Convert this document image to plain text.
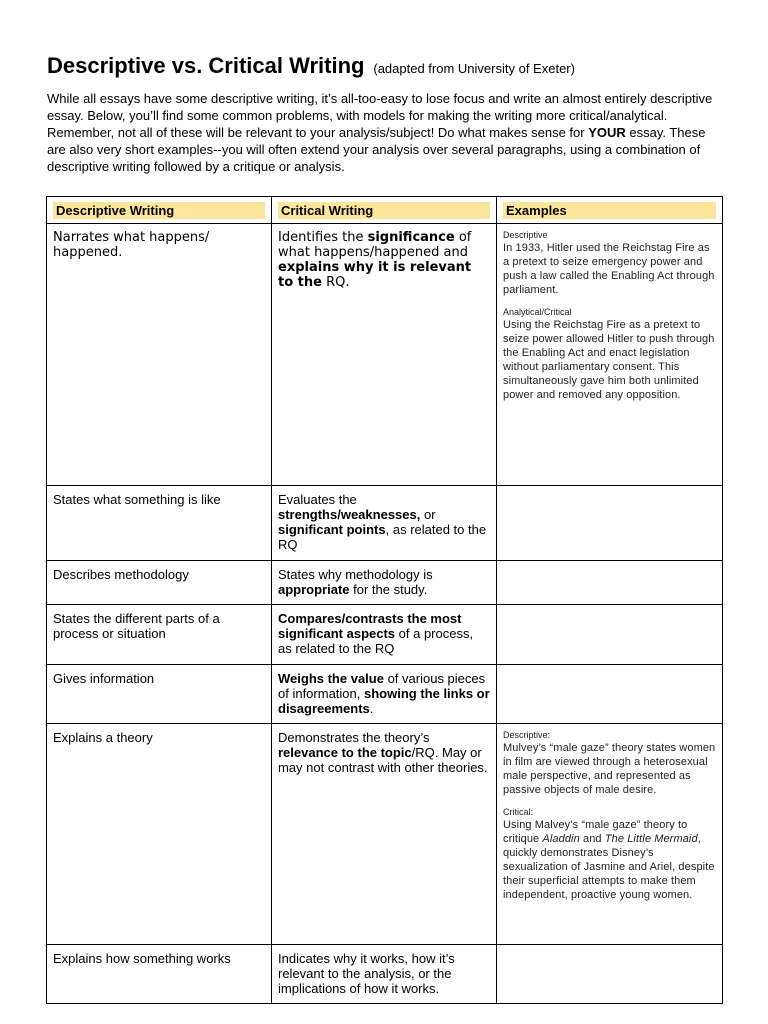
Descriptive vs. Critical Writing (adapted from University of Exeter)

While all essays have some descriptive writing, it’s all-too-easy to lose focus and write an almost entirely descriptive essay. Below, you’ll find some common problems, with models for making the writing more critical/analytical. Remember, not all of these will be relevant to your analysis/subject! Do what makes sense for YOUR essay. These are also very short examples--you will often extend your analysis over several paragraphs, using a combination of descriptive writing followed by a critique or analysis.

Descriptive Writing	Critical Writing	Examples

Narrates what happens/ happened.	Identifies the significance of what happens/happened and explains why it is relevant to the RQ.	Descriptive
In 1933, Hitler used the Reichstag Fire as a pretext to seize emergency power and push a law called the Enabling Act through parliament.
Analytical/Critical
Using the Reichstag Fire as a pretext to seize power allowed Hitler to push through the Enabling Act and enact legislation without parliamentary consent. This simultaneously gave him both unlimited power and removed any opposition.

States what something is like	Evaluates the strengths/weaknesses, or significant points, as related to the RQ	
Describes methodology	States why methodology is appropriate for the study.	
States the different parts of a process or situation	Compares/contrasts the most significant aspects of a process, as related to the RQ	
Gives information	Weighs the value of various pieces of information, showing the links or disagreements.	
Explains a theory	Demonstrates the theory’s relevance to the topic/RQ. May or may not contrast with other theories.	Descriptive:
Mulvey’s “male gaze” theory states women in film are viewed through a heterosexual male perspective, and represented as passive objects of male desire.
Critical:
Using Malvey’s “male gaze” theory to critique Aladdin and The Little Mermaid, quickly demonstrates Disney’s sexualization of Jasmine and Ariel, despite their superficial attempts to make them independent, proactive young women.

Explains how something works	Indicates why it works, how it’s relevant to the analysis, or the implications of how it works.	
